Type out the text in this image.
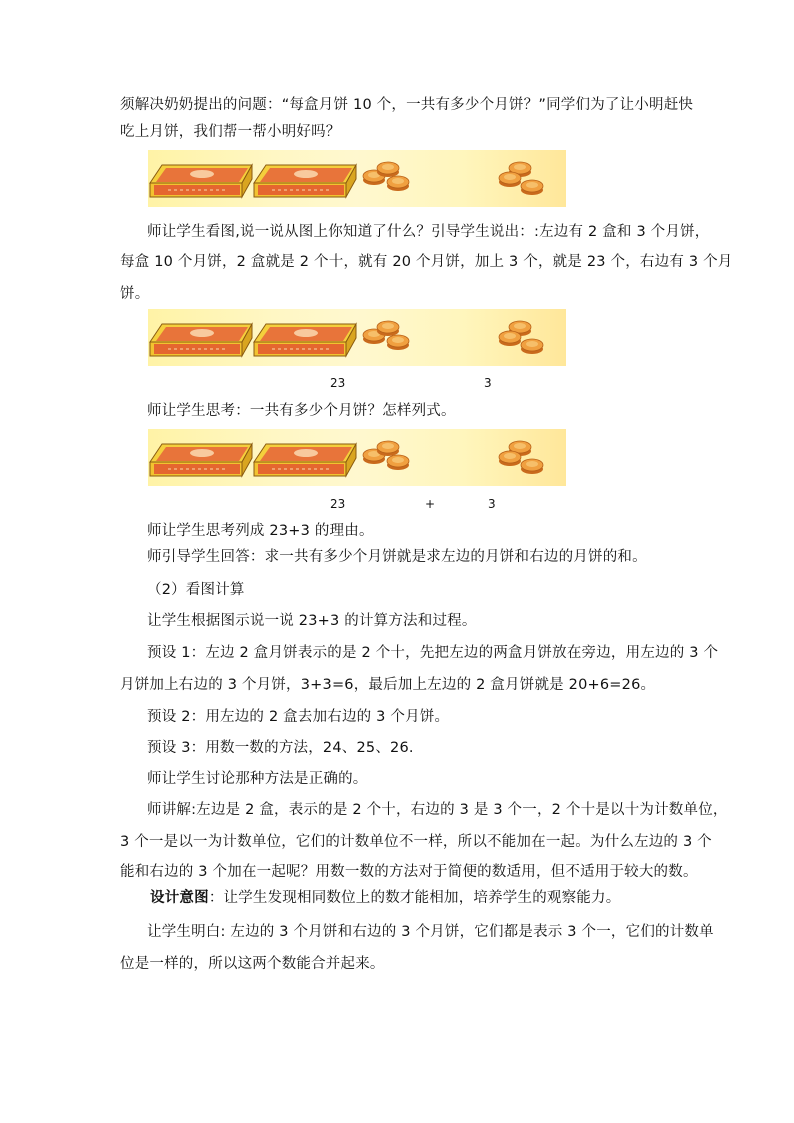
须解决奶奶提出的问题：“每盒月饼 10 个，一共有多少个月饼？”同学们为了让小明赶快
吃上月饼，我们帮一帮小明好吗？
师让学生看图,说一说从图上你知道了什么？引导学生说出：:左边有 2 盒和 3 个月饼，
每盒 10 个月饼，2 盒就是 2 个十，就有 20 个月饼，加上 3 个，就是 23 个，右边有 3 个月
饼。
23	3
师让学生思考：一共有多少个月饼？怎样列式。
23	+	3
师让学生思考列成 23+3 的理由。
师引导学生回答：求一共有多少个月饼就是求左边的月饼和右边的月饼的和。
（2）看图计算
让学生根据图示说一说 23+3 的计算方法和过程。
预设 1：左边 2 盒月饼表示的是 2 个十，先把左边的两盒月饼放在旁边，用左边的 3 个
月饼加上右边的 3 个月饼，3+3=6，最后加上左边的 2 盒月饼就是 20+6=26。
预设 2：用左边的 2 盒去加右边的 3 个月饼。
预设 3：用数一数的方法，24、25、26.
师让学生讨论那种方法是正确的。
师讲解:左边是 2 盒，表示的是 2 个十，右边的 3 是 3 个一，2 个十是以十为计数单位，
3 个一是以一为计数单位，它们的计数单位不一样，所以不能加在一起。为什么左边的 3 个
能和右边的 3 个加在一起呢？用数一数的方法对于简便的数适用，但不适用于较大的数。
设计意图：让学生发现相同数位上的数才能相加，培养学生的观察能力。
让学生明白: 左边的 3 个月饼和右边的 3 个月饼，它们都是表示 3 个一，它们的计数单
位是一样的，所以这两个数能合并起来。
